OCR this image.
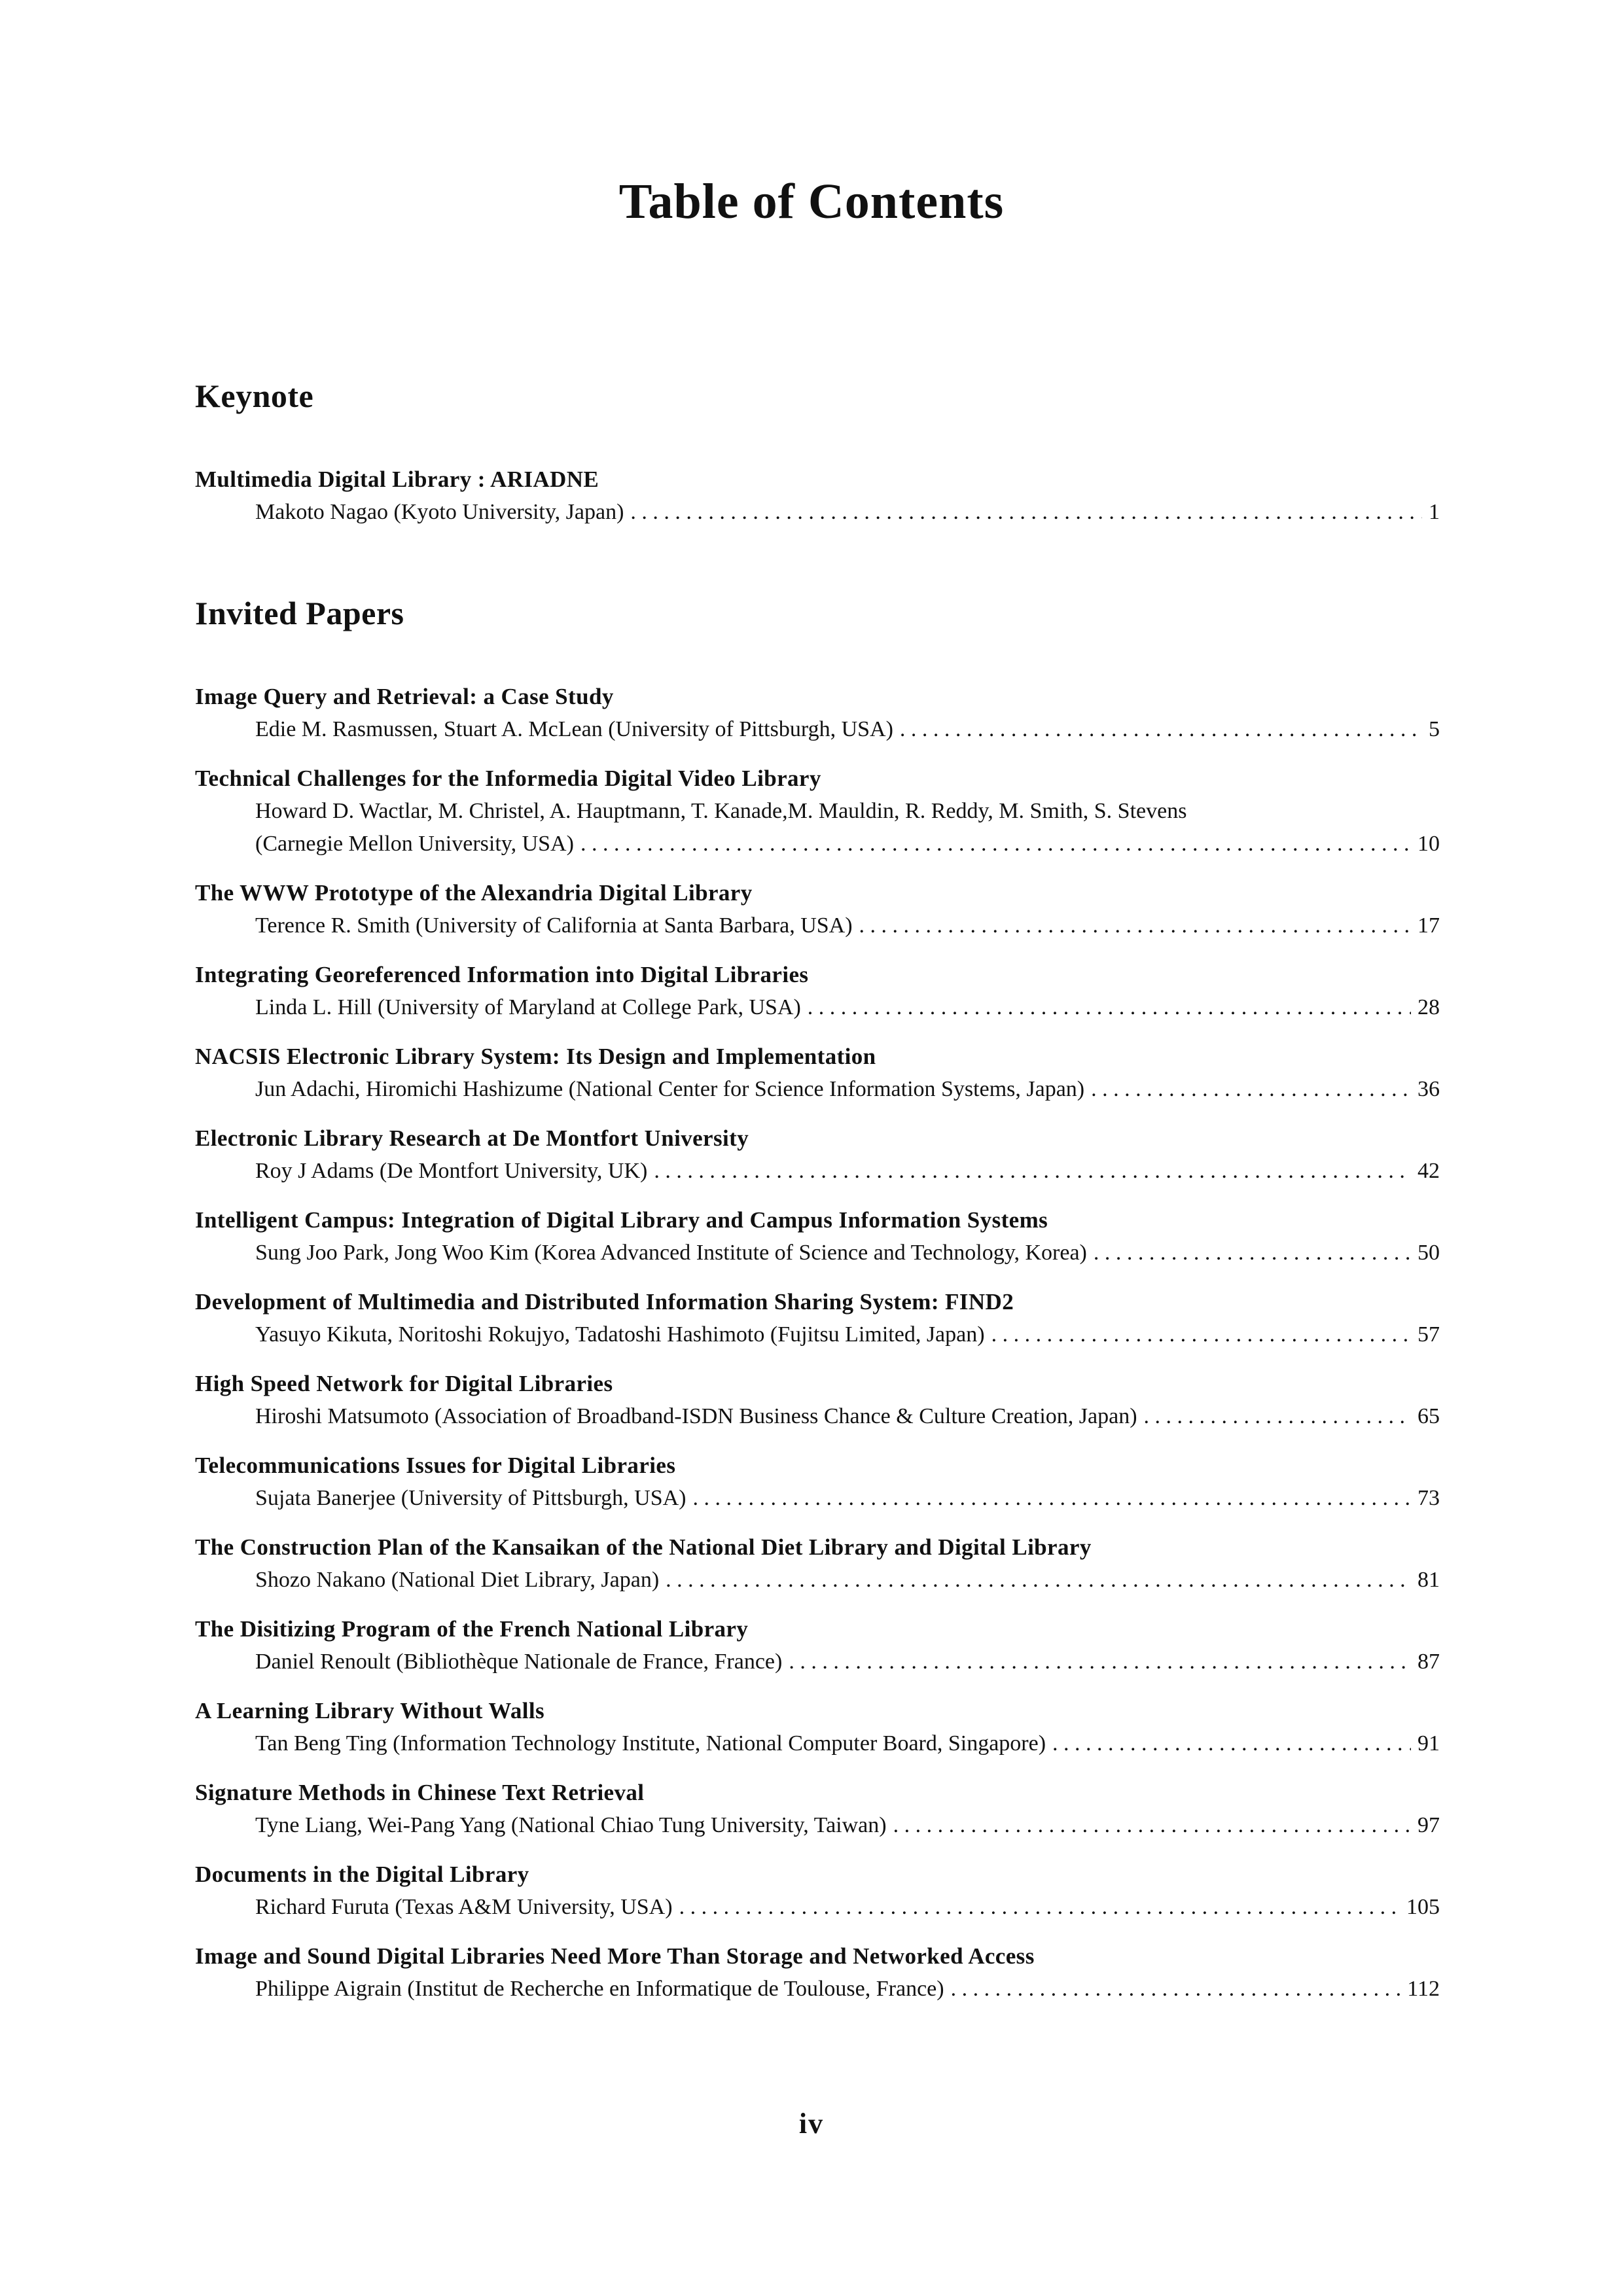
Table of Contents
Keynote
Multimedia Digital Library : ARIADNE
Makoto Nagao (Kyoto University, Japan) . . .	1
Invited Papers
Image Query and Retrieval: a Case Study
Edie M. Rasmussen, Stuart A. McLean (University of Pittsburgh, USA) . . .	5
Technical Challenges for the Informedia Digital Video Library
Howard D. Wactlar, M. Christel, A. Hauptmann, T. Kanade,M. Mauldin, R. Reddy, M. Smith, S. Stevens
(Carnegie Mellon University, USA) . . .	10
The WWW Prototype of the Alexandria Digital Library
Terence R. Smith (University of California at Santa Barbara, USA) . . .	17
Integrating Georeferenced Information into Digital Libraries
Linda L. Hill (University of Maryland at College Park, USA) . . .	28
NACSIS Electronic Library System: Its Design and Implementation
Jun Adachi, Hiromichi Hashizume (National Center for Science Information Systems, Japan) . . .	36
Electronic Library Research at De Montfort University
Roy J Adams (De Montfort University, UK) . . .	42
Intelligent Campus: Integration of Digital Library and Campus Information Systems
Sung Joo Park, Jong Woo Kim (Korea Advanced Institute of Science and Technology, Korea) . . .	50
Development of Multimedia and Distributed Information Sharing System: FIND2
Yasuyo Kikuta, Noritoshi Rokujyo, Tadatoshi Hashimoto (Fujitsu Limited, Japan) . . .	57
High Speed Network for Digital Libraries
Hiroshi Matsumoto (Association of Broadband-ISDN Business Chance & Culture Creation, Japan) . . .	65
Telecommunications Issues for Digital Libraries
Sujata Banerjee (University of Pittsburgh, USA) . . .	73
The Construction Plan of the Kansaikan of the National Diet Library and Digital Library
Shozo Nakano (National Diet Library, Japan) . . .	81
The Disitizing Program of the French National Library
Daniel Renoult (Bibliothèque Nationale de France, France) . . .	87
A Learning Library Without Walls
Tan Beng Ting (Information Technology Institute, National Computer Board, Singapore) . . .	91
Signature Methods in Chinese Text Retrieval
Tyne Liang, Wei-Pang Yang (National Chiao Tung University, Taiwan) . . .	97
Documents in the Digital Library
Richard Furuta (Texas A&M University, USA) . . .	105
Image and Sound Digital Libraries Need More Than Storage and Networked Access
Philippe Aigrain (Institut de Recherche en Informatique de Toulouse, France) . . .	112
iv
